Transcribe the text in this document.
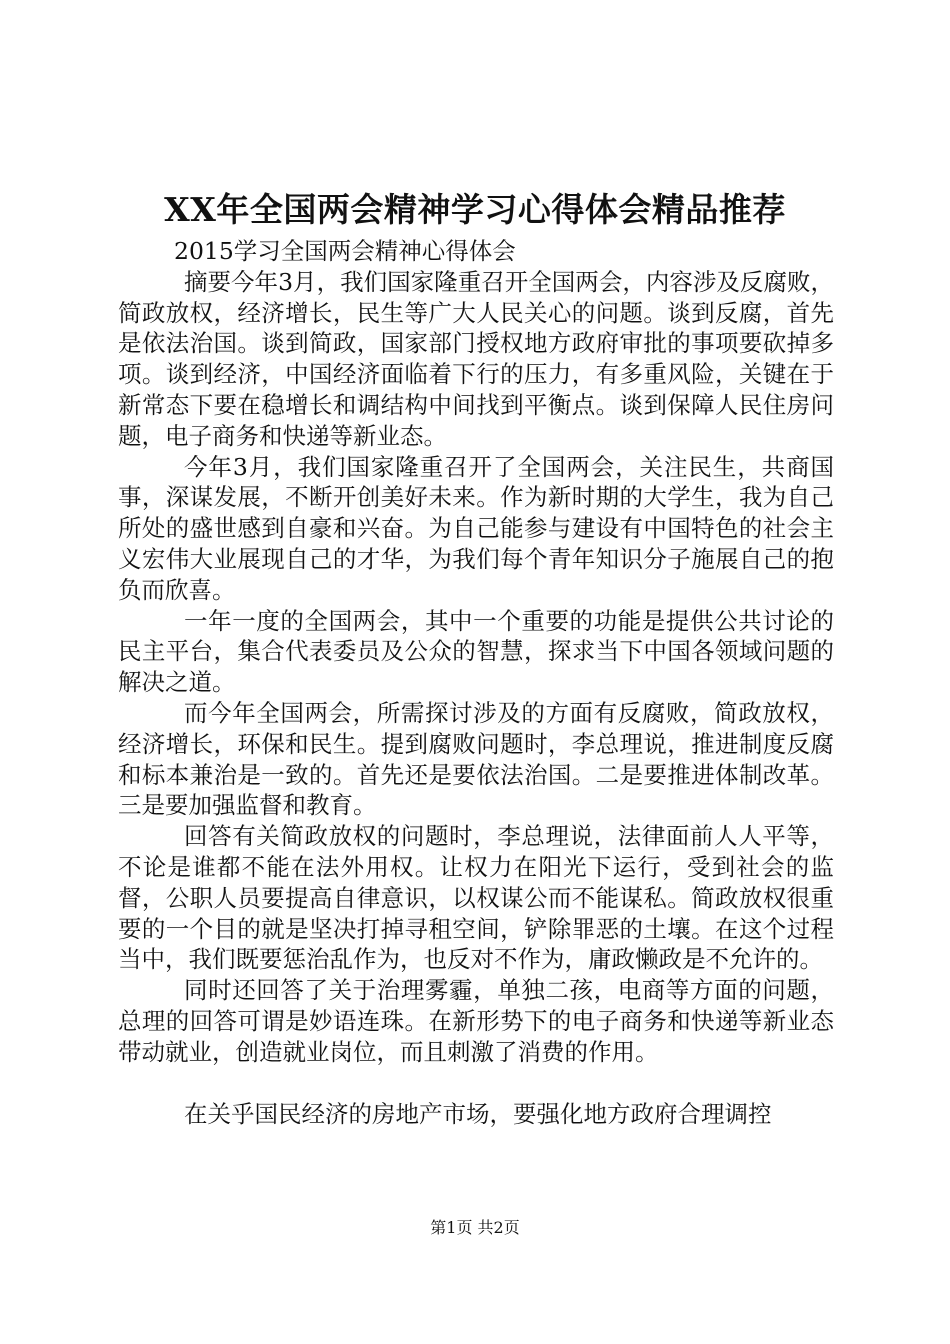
XX年全国两会精神学习心得体会精品推荐
2015学习全国两会精神心得体会

摘要今年3月，我们国家隆重召开全国两会，内容涉及反腐败，简政放权，经济增长，民生等广大人民关心的问题。谈到反腐，首先是依法治国。谈到简政，国家部门授权地方政府审批的事项要砍掉多项。谈到经济，中国经济面临着下行的压力，有多重风险，关键在于新常态下要在稳增长和调结构中间找到平衡点。谈到保障人民住房问题，电子商务和快递等新业态。

今年3月，我们国家隆重召开了全国两会，关注民生，共商国事，深谋发展，不断开创美好未来。作为新时期的大学生，我为自己所处的盛世感到自豪和兴奋。为自己能参与建设有中国特色的社会主义宏伟大业展现自己的才华，为我们每个青年知识分子施展自己的抱负而欣喜。

一年一度的全国两会，其中一个重要的功能是提供公共讨论的民主平台，集合代表委员及公众的智慧，探求当下中国各领域问题的解决之道。

而今年全国两会，所需探讨涉及的方面有反腐败，简政放权，经济增长，环保和民生。提到腐败问题时，李总理说，推进制度反腐和标本兼治是一致的。首先还是要依法治国。二是要推进体制改革。三是要加强监督和教育。

回答有关简政放权的问题时，李总理说，法律面前人人平等，不论是谁都不能在法外用权。让权力在阳光下运行，受到社会的监督，公职人员要提高自律意识，以权谋公而不能谋私。简政放权很重要的一个目的就是坚决打掉寻租空间，铲除罪恶的土壤。在这个过程当中，我们既要惩治乱作为，也反对不作为，庸政懒政是不允许的。

同时还回答了关于治理雾霾，单独二孩，电商等方面的问题，总理的回答可谓是妙语连珠。在新形势下的电子商务和快递等新业态带动就业，创造就业岗位，而且刺激了消费的作用。

在关乎国民经济的房地产市场，要强化地方政府合理调控

第1页 共2页
